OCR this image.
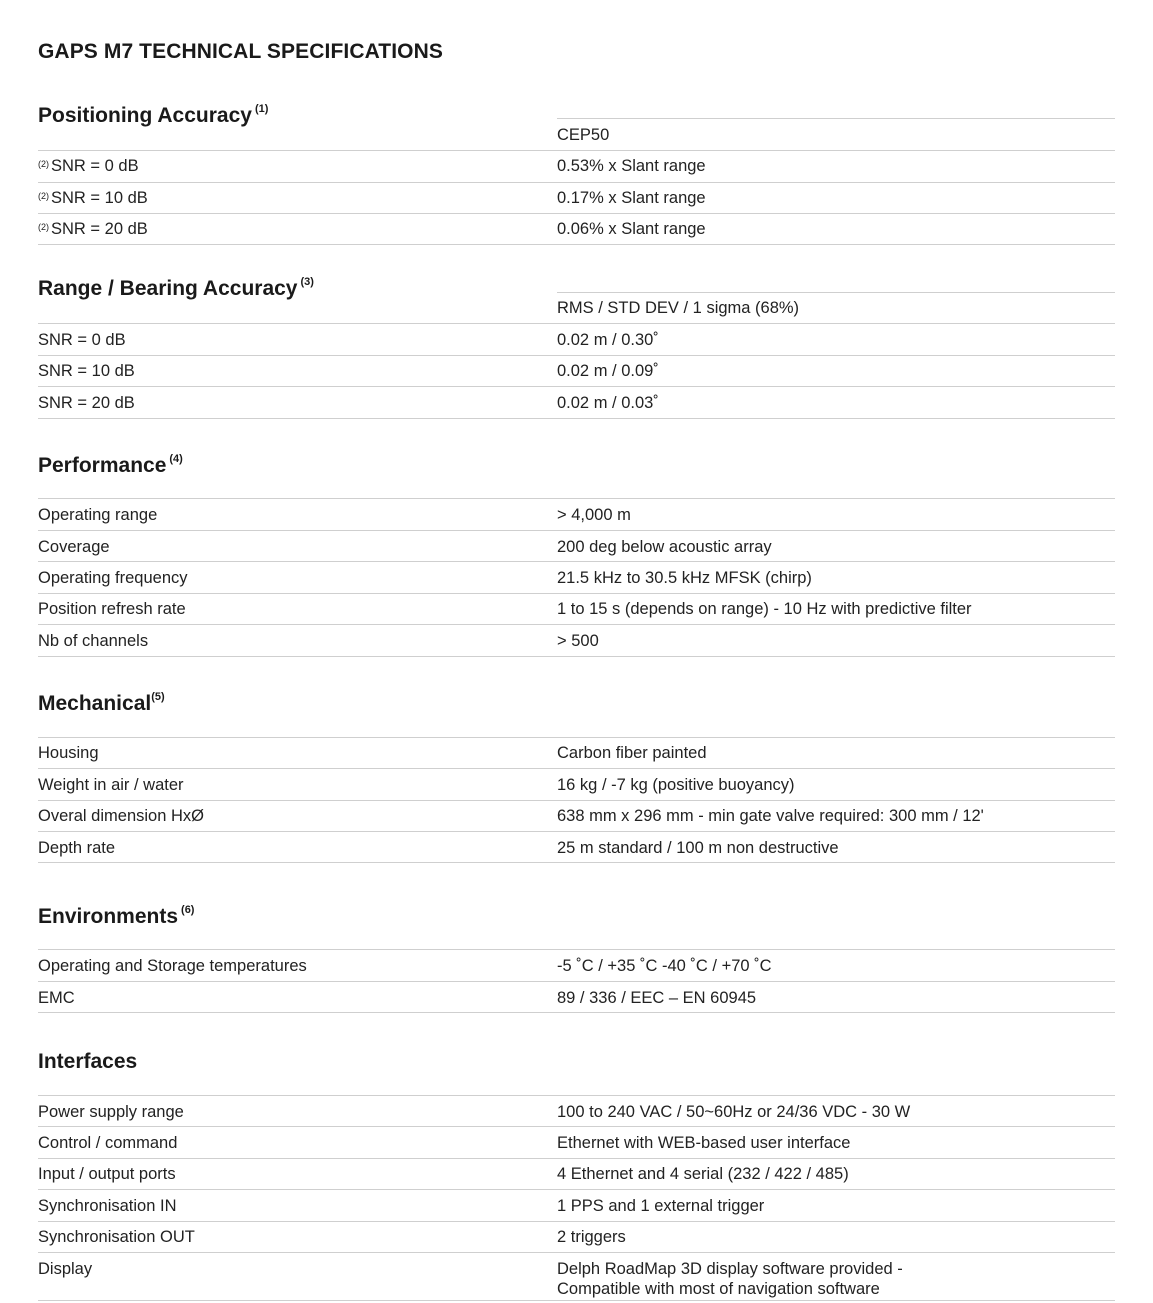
GAPS M7 TECHNICAL SPECIFICATIONS
Positioning Accuracy $^{(1)}$
CEP50
$^{(2)}$ SNR = 0 dB	0.53% x Slant range
$^{(2)}$ SNR = 10 dB	0.17% x Slant range
$^{(2)}$ SNR = 20 dB	0.06% x Slant range
Range / Bearing Accuracy $^{(3)}$
RMS / STD DEV / 1 sigma (68%)
SNR = 0 dB	0.02 m / 0.30˚
SNR = 10 dB	0.02 m / 0.09˚
SNR = 20 dB	0.02 m / 0.03˚
Performance $^{(4)}$
Operating range	> 4,000 m
Coverage	200 deg below acoustic array
Operating frequency	21.5 kHz to 30.5 kHz MFSK (chirp)
Position refresh rate	1 to 15 s (depends on range) - 10 Hz with predictive filter
Nb of channels	> 500
Mechanical$^{(5)}$
Housing	Carbon fiber painted
Weight in air / water	16 kg / -7 kg (positive buoyancy)
Overal dimension HxØ	638 mm x 296 mm - min gate valve required: 300 mm / 12'
Depth rate	25 m standard / 100 m non destructive
Environments $^{(6)}$
Operating and Storage temperatures	-5 ˚C / +35 ˚C -40 ˚C / +70 ˚C
EMC	89 / 336 / EEC – EN 60945
Interfaces
Power supply range	100 to 240 VAC / 50~60Hz or 24/36 VDC - 30 W
Control / command	Ethernet with WEB-based user interface
Input / output ports	4 Ethernet and 4 serial (232 / 422 / 485)
Synchronisation IN	1 PPS and 1 external trigger
Synchronisation OUT	2 triggers
Display	Delph RoadMap 3D display software provided -
Compatible with most of navigation software
